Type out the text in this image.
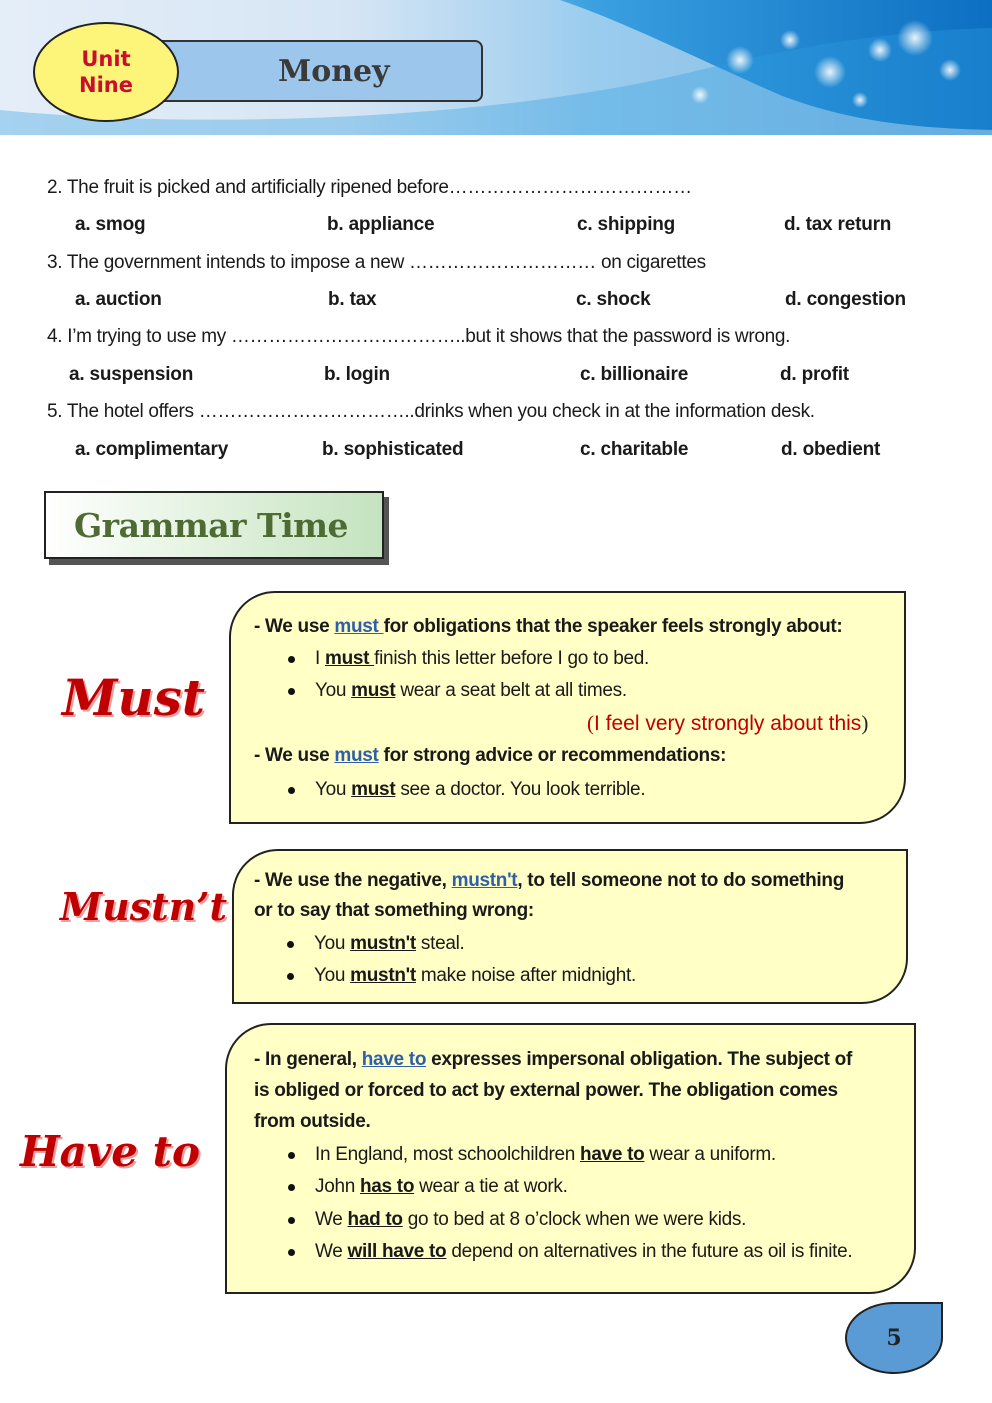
Unit
Nine	Money
2. The fruit is picked and artificially ripened before…………………………………
a. smog	b. appliance	c. shipping	d. tax return
3. The government intends to impose a new ………………………… on cigarettes
a. auction	b. tax	c. shock	d. congestion
4. I’m trying to use my ………………………………..but it shows that the password is wrong.
a. suspension	b. login	c. billionaire	d. profit
5. The hotel offers ……………………………..drinks when you check in at the information desk.
a. complimentary	b. sophisticated	c. charitable	d. obedient
Grammar Time
Must
- We use must for obligations that the speaker feels strongly about:
I must finish this letter before I go to bed.
You must wear a seat belt at all times.
(I feel very strongly about this)
- We use must for strong advice or recommendations:
You must see a doctor. You look terrible.
Mustn’t
- We use the negative, mustn't, to tell someone not to do something
or to say that something wrong:
You mustn't steal.
You mustn't make noise after midnight.
Have to
- In general, have to expresses impersonal obligation. The subject of
is obliged or forced to act by external power. The obligation comes
from outside.
In England, most schoolchildren have to wear a uniform.
John has to wear a tie at work.
We had to go to bed at 8 o’clock when we were kids.
We will have to depend on alternatives in the future as oil is finite.
5
